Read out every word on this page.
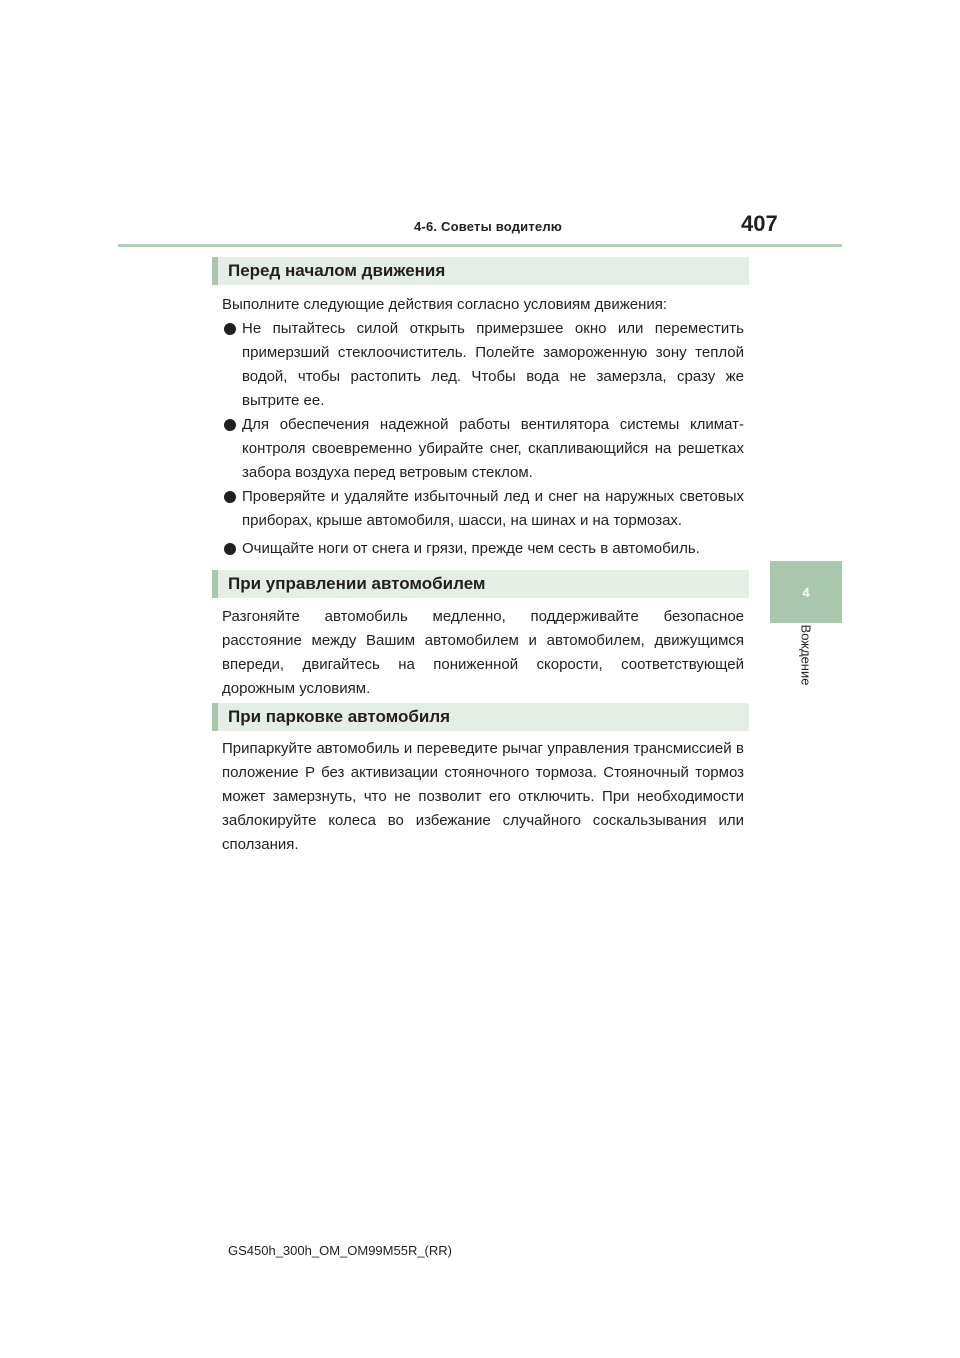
4-6. Советы водителю	407
4
Вождение
Перед началом движения
Выполните следующие действия согласно условиям движения:
Не пытайтесь силой открыть примерзшее окно или переместить примерзший стеклоочиститель. Полейте замороженную зону теплой водой, чтобы растопить лед. Чтобы вода не замерзла, сразу же вытрите ее.
Для обеспечения надежной работы вентилятора системы климат-контроля своевременно убирайте снег, скапливающийся на решетках забора воздуха перед ветровым стеклом.
Проверяйте и удаляйте избыточный лед и снег на наружных световых приборах, крыше автомобиля, шасси, на шинах и на тормозах.
Очищайте ноги от снега и грязи, прежде чем сесть в автомобиль.
При управлении автомобилем
Разгоняйте автомобиль медленно, поддерживайте безопасное расстояние между Вашим автомобилем и автомобилем, движущимся впереди, двигайтесь на пониженной скорости, соответствующей дорожным условиям.
При парковке автомобиля
Припаркуйте автомобиль и переведите рычаг управления трансмиссией в положение P без активизации стояночного тормоза. Стояночный тормоз может замерзнуть, что не позволит его отключить. При необходимости заблокируйте колеса во избежание случайного соскальзывания или сползания.
GS450h_300h_OM_OM99M55R_(RR)
